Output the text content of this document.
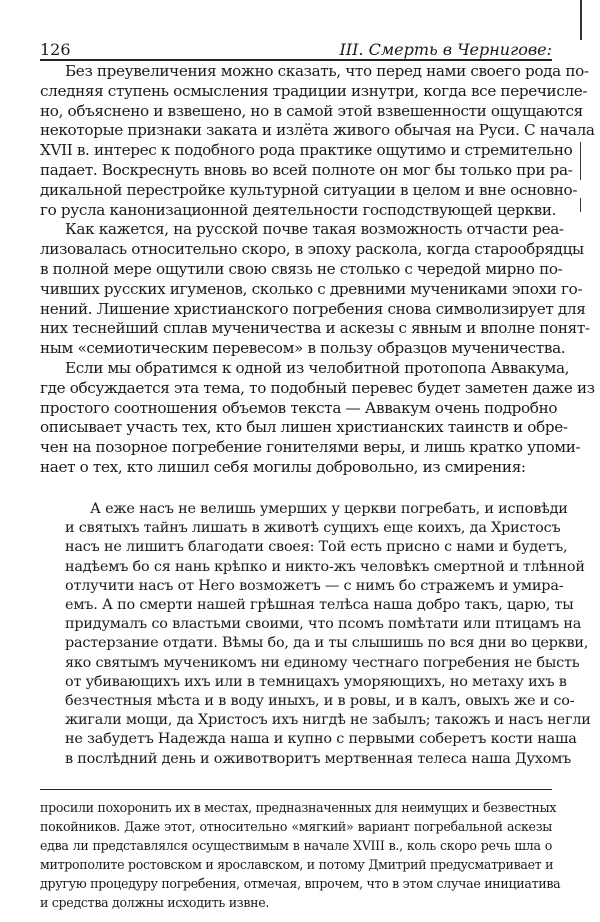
126	III. Смерть в Чернигове:
Без преувеличения можно сказать, что перед нами своего рода по-
следняя ступень осмысления традиции изнутри, когда все перечисле-
но, объяснено и взвешено, но в самой этой взвешенности ощущаются
некоторые признаки заката и излёта живого обычая на Руси. С начала
XVII в. интерес к подобного рода практике ощутимо и стремительно
падает. Воскреснуть вновь во всей полноте он мог бы только при ра-
дикальной перестройке культурной ситуации в целом и вне основно-
го русла канонизационной деятельности господствующей церкви.
Как кажется, на русской почве такая возможность отчасти реа-
лизовалась относительно скоро, в эпоху раскола, когда старообрядцы
в полной мере ощутили свою связь не столько с чередой мирно по-
чивших русских игуменов, сколько с древними мучениками эпохи го-
нений. Лишение христианского погребения снова символизирует для
них теснейший сплав мученичества и аскезы с явным и вполне понят-
ным «семиотическим перевесом» в пользу образцов мученичества.
Если мы обратимся к одной из челобитной протопопа Аввакума,
где обсуждается эта тема, то подобный перевес будет заметен даже из
простого соотношения объемов текста — Аввакум очень подробно
описывает участь тех, кто был лишен христианских таинств и обре-
чен на позорное погребение гонителями веры, и лишь кратко упоми-
нает о тех, кто лишил себя могилы добровольно, из смирения:
А еже насъ не велишь умерших у церкви погребать, и исповѣди
и святыхъ тайнъ лишать в животѣ сущихъ еще коихъ, да Христосъ
насъ не лишитъ благодати своея: Той есть присно с нами и будетъ,
надѣемъ бо ся нань крѣпко и никто-жъ человѣкъ смертной и тлѣнной
отлучити насъ от Него возможетъ — с нимъ бо стражемъ и умира-
емъ. А по смерти нашей грѣшная телѣса наша добро такъ, царю, ты
придумалъ со властьми своими, что псомъ помѣтати или птицамъ на
растерзание отдати. Вѣмы бо, да и ты слышишь по вся дни во церкви,
яко святымъ мученикомъ ни единому честнаго погребения не бысть
от убивающихъ ихъ или в темницахъ уморяющихъ, но метаху ихъ в
безчестныя мѣста и в воду иныхъ, и в ровы, и в калъ, овыхъ же и со-
жигали мощи, да Христосъ ихъ нигдѣ не забылъ; такожъ и насъ негли
не забудетъ Надежда наша и купно с первыми соберетъ кости наша
в послѣдний день и оживотворитъ мертвенная телеса наша Духомъ
просили похоронить их в местах, предназначенных для неимущих и безвестных
покойников. Даже этот, относительно «мягкий» вариант погребальной аскезы
едва ли представлялся осуществимым в начале XVIII в., коль скоро речь шла о
митрополите ростовском и ярославском, и потому Дмитрий предусматривает и
другую процедуру погребения, отмечая, впрочем, что в этом случае инициатива
и средства должны исходить извне.
